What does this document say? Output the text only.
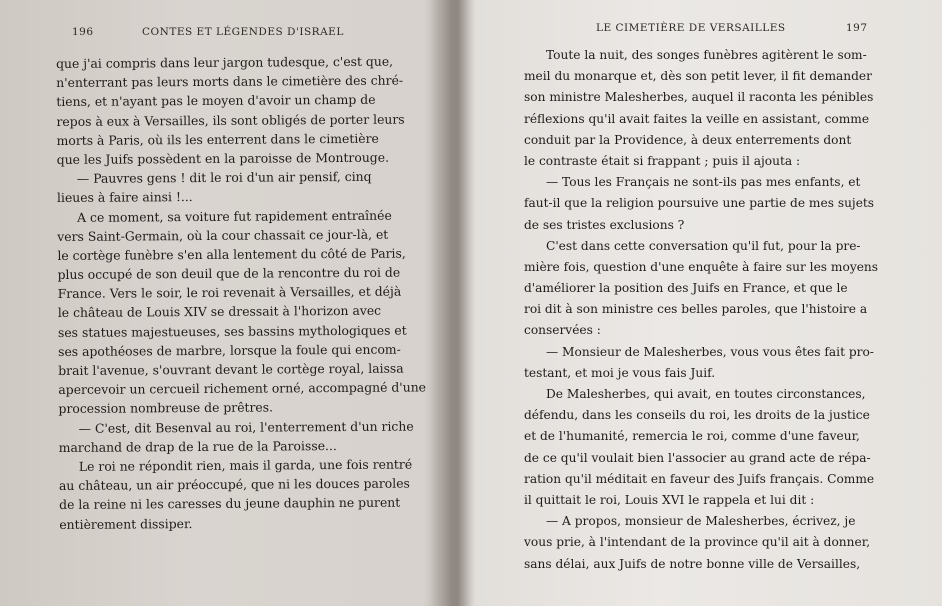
196	CONTES ET LÉGENDES D'ISRAEL
que j'ai compris dans leur jargon tudesque, c'est que,
n'enterrant pas leurs morts dans le cimetière des chré-
tiens, et n'ayant pas le moyen d'avoir un champ de
repos à eux à Versailles, ils sont obligés de porter leurs
morts à Paris, où ils les enterrent dans le cimetière
que les Juifs possèdent en la paroisse de Montrouge.
— Pauvres gens ! dit le roi d'un air pensif, cinq
lieues à faire ainsi !...
A ce moment, sa voiture fut rapidement entraînée
vers Saint-Germain, où la cour chassait ce jour-là, et
le cortège funèbre s'en alla lentement du côté de Paris,
plus occupé de son deuil que de la rencontre du roi de
France. Vers le soir, le roi revenait à Versailles, et déjà
le château de Louis XIV se dressait à l'horizon avec
ses statues majestueuses, ses bassins mythologiques et
ses apothéoses de marbre, lorsque la foule qui encom-
brait l'avenue, s'ouvrant devant le cortège royal, laissa
apercevoir un cercueil richement orné, accompagné d'une
procession nombreuse de prêtres.
— C'est, dit Besenval au roi, l'enterrement d'un riche
marchand de drap de la rue de la Paroisse...
Le roi ne répondit rien, mais il garda, une fois rentré
au château, un air préoccupé, que ni les douces paroles
de la reine ni les caresses du jeune dauphin ne purent
entièrement dissiper.
LE CIMETIÈRE DE VERSAILLES	197
Toute la nuit, des songes funèbres agitèrent le som-
meil du monarque et, dès son petit lever, il fit demander
son ministre Malesherbes, auquel il raconta les pénibles
réflexions qu'il avait faites la veille en assistant, comme
conduit par la Providence, à deux enterrements dont
le contraste était si frappant ; puis il ajouta :
— Tous les Français ne sont-ils pas mes enfants, et
faut-il que la religion poursuive une partie de mes sujets
de ses tristes exclusions ?
C'est dans cette conversation qu'il fut, pour la pre-
mière fois, question d'une enquête à faire sur les moyens
d'améliorer la position des Juifs en France, et que le
roi dit à son ministre ces belles paroles, que l'histoire a
conservées :
— Monsieur de Malesherbes, vous vous êtes fait pro-
testant, et moi je vous fais Juif.
De Malesherbes, qui avait, en toutes circonstances,
défendu, dans les conseils du roi, les droits de la justice
et de l'humanité, remercia le roi, comme d'une faveur,
de ce qu'il voulait bien l'associer au grand acte de répa-
ration qu'il méditait en faveur des Juifs français. Comme
il quittait le roi, Louis XVI le rappela et lui dit :
— A propos, monsieur de Malesherbes, écrivez, je
vous prie, à l'intendant de la province qu'il ait à donner,
sans délai, aux Juifs de notre bonne ville de Versailles,
